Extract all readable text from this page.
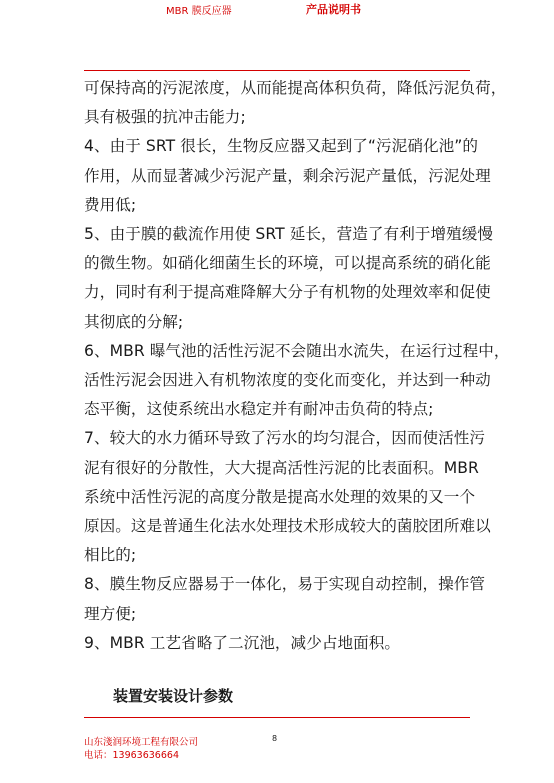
MBR 膜反应器	产品说明书
可保持高的污泥浓度，从而能提高体积负荷，降低污泥负荷，
具有极强的抗冲击能力;
4、由于 SRT 很长，生物反应器又起到了“污泥硝化池”的
作用，从而显著减少污泥产量，剩余污泥产量低，污泥处理
费用低;
5、由于膜的截流作用使 SRT 延长，营造了有利于增殖缓慢
的微生物。如硝化细菌生长的环境，可以提高系统的硝化能
力，同时有利于提高难降解大分子有机物的处理效率和促使
其彻底的分解;
6、MBR 曝气池的活性污泥不会随出水流失，在运行过程中，
活性污泥会因进入有机物浓度的变化而变化，并达到一种动
态平衡，这使系统出水稳定并有耐冲击负荷的特点;
7、较大的水力循环导致了污水的均匀混合，因而使活性污
泥有很好的分散性，大大提高活性污泥的比表面积。MBR
系统中活性污泥的高度分散是提高水处理的效果的又一个
原因。这是普通生化法水处理技术形成较大的菌胶团所难以
相比的;
8、膜生物反应器易于一体化，易于实现自动控制，操作管
理方便;
9、MBR 工艺省略了二沉池，减少占地面积。
装置安装设计参数
山东淺润环境工程有限公司
电话：13963636664
8
